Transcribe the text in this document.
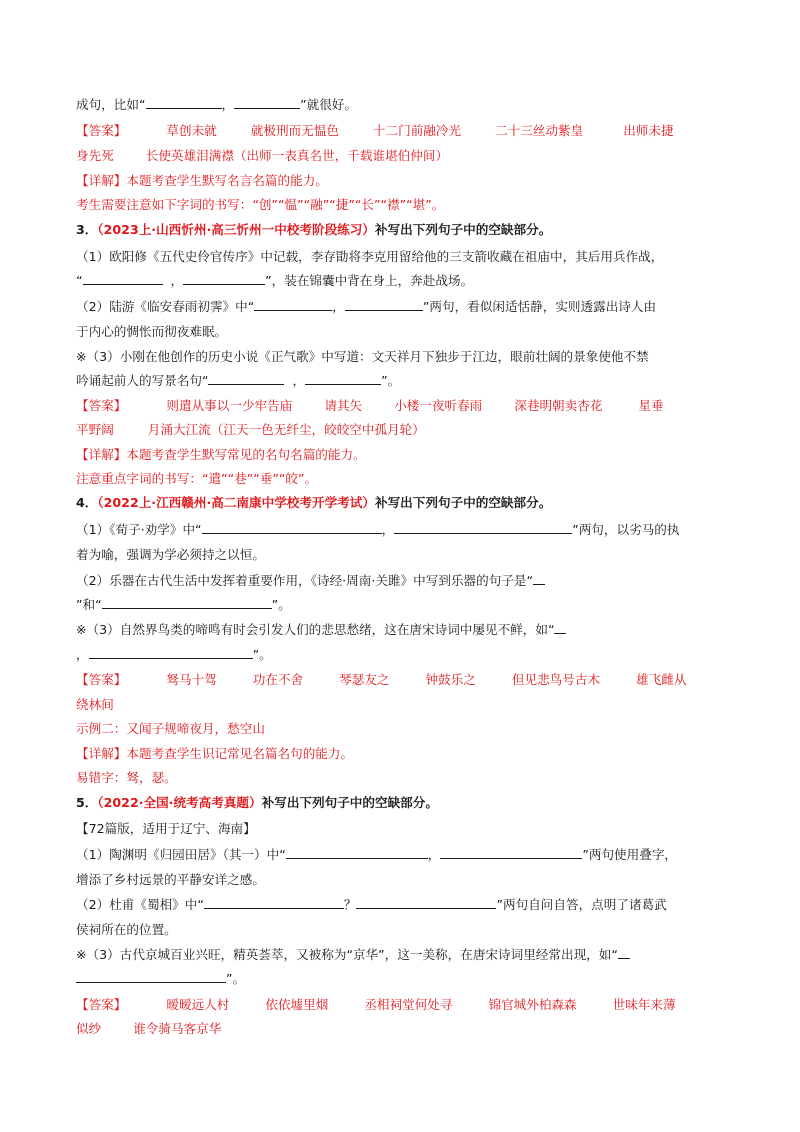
成句，比如“	，	”就很好。
【答案】	草创未就	就极刑而无愠色	十二门前融冷光	二十三丝动紫皇	出师未捷
身先死	长使英雄泪满襟（出师一表真名世，千载谁堪伯仲间）
【详解】本题考查学生默写名言名篇的能力。
考生需要注意如下字词的书写：“创”“愠”“融”“捷”“长”“襟”“堪”。
3．（2023上·山西忻州·高三忻州一中校考阶段练习）补写出下列句子中的空缺部分。
（1）欧阳修《五代史伶官传序》中记载，李存勖将李克用留给他的三支箭收藏在祖庙中，其后用兵作战，
“	，	”，装在锦囊中背在身上，奔赴战场。
（2）陆游《临安春雨初霁》中“	，	”两句，看似闲适恬静，实则透露出诗人由
于内心的惆怅而彻夜难眠。
※（3）小刚在他创作的历史小说《正气歌》中写道：文天祥月下独步于江边，眼前壮阔的景象使他不禁
吟诵起前人的写景名句“	，	”。
【答案】	则遣从事以一少牢告庙	请其矢	小楼一夜听春雨	深巷明朝卖杏花	星垂
平野阔	月涌大江流（江天一色无纤尘，皎皎空中孤月轮）
【详解】本题考查学生默写常见的名句名篇的能力。
注意重点字词的书写：“遣”“巷”“垂”“皎”。
4．（2022上·江西赣州·高二南康中学校考开学考试）补写出下列句子中的空缺部分。
（1）《荀子·劝学》中“	，	”两句，以劣马的执
着为喻，强调为学必须持之以恒。
（2）乐器在古代生活中发挥着重要作用，《诗经·周南·关雎》中写到乐器的句子是“
”和“	”。
※（3）自然界鸟类的啼鸣有时会引发人们的悲思愁绪，这在唐宋诗词中屡见不鲜，如“
，	”。
【答案】	驽马十驾	功在不舍	琴瑟友之	钟鼓乐之	但见悲鸟号古木	雄飞雌从
绕林间
示例二：又闻子规啼夜月，愁空山
【详解】本题考查学生识记常见名篇名句的能力。
易错字：驽，瑟。
5．（2022·全国·统考高考真题）补写出下列句子中的空缺部分。
【72篇版，适用于辽宁、海南】
（1）陶渊明《归园田居》（其一）中“	，	”两句使用叠字，
增添了乡村远景的平静安详之感。
（2）杜甫《蜀相》中“	？	”两句自问自答，点明了诸葛武
侯祠所在的位置。
※（3）古代京城百业兴旺，精英荟萃，又被称为“京华”，这一美称，在唐宋诗词里经常出现，如“
”。
【答案】	暧暧远人村	依依墟里烟	丞相祠堂何处寻	锦官城外柏森森	世味年来薄
似纱	谁令骑马客京华
